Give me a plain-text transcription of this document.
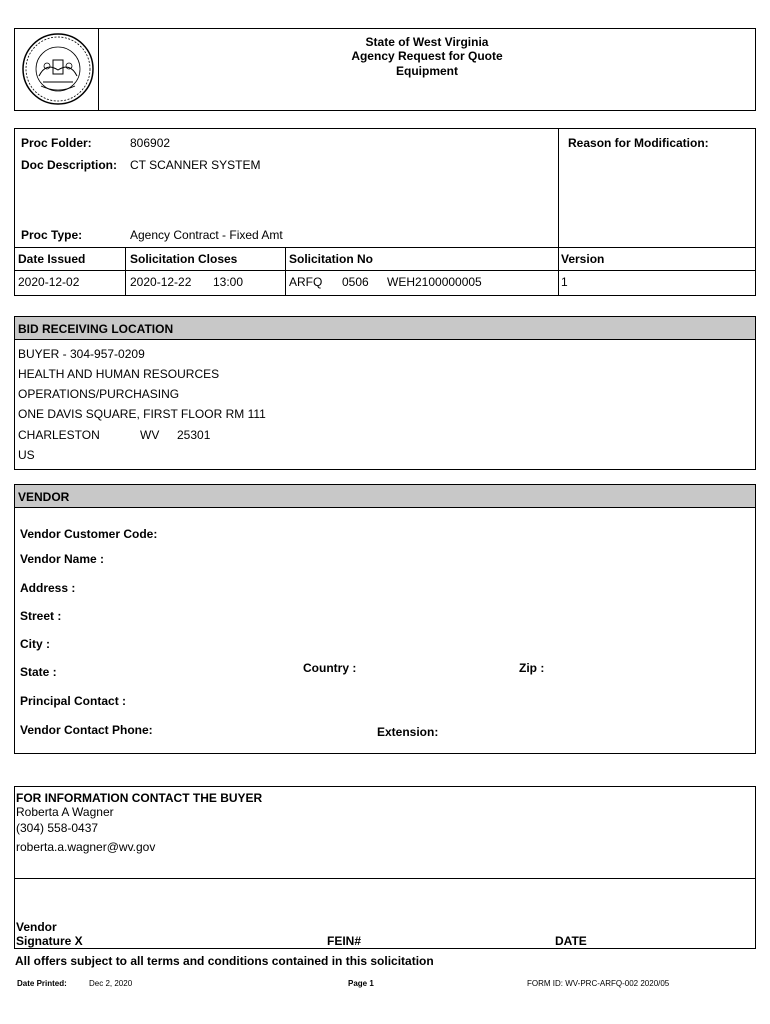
State of West Virginia
Agency Request for Quote
Equipment
Proc Folder:	806902
Doc Description: CT SCANNER SYSTEM
Proc Type:	Agency Contract - Fixed Amt
Reason for Modification:
Date Issued	Solicitation Closes	Solicitation No	Version
2020-12-02	2020-12-22 13:00	ARFQ 0506 WEH2100000005	1
BID RECEIVING LOCATION
BUYER - 304-957-0209
HEALTH AND HUMAN RESOURCES
OPERATIONS/PURCHASING
ONE DAVIS SQUARE, FIRST FLOOR RM 111
CHARLESTON	WV 25301
US
VENDOR
Vendor Customer Code:
Vendor Name :
Address :
Street :
City :
State :	Country :	Zip :
Principal Contact :
Vendor Contact Phone:	Extension:
FOR INFORMATION CONTACT THE BUYER
Roberta A Wagner
(304) 558-0437
roberta.a.wagner@wv.gov
Vendor
Signature X	FEIN#	DATE
All offers subject to all terms and conditions contained in this solicitation
Date Printed:	Dec 2, 2020	Page 1	FORM ID: WV-PRC-ARFQ-002 2020/05
